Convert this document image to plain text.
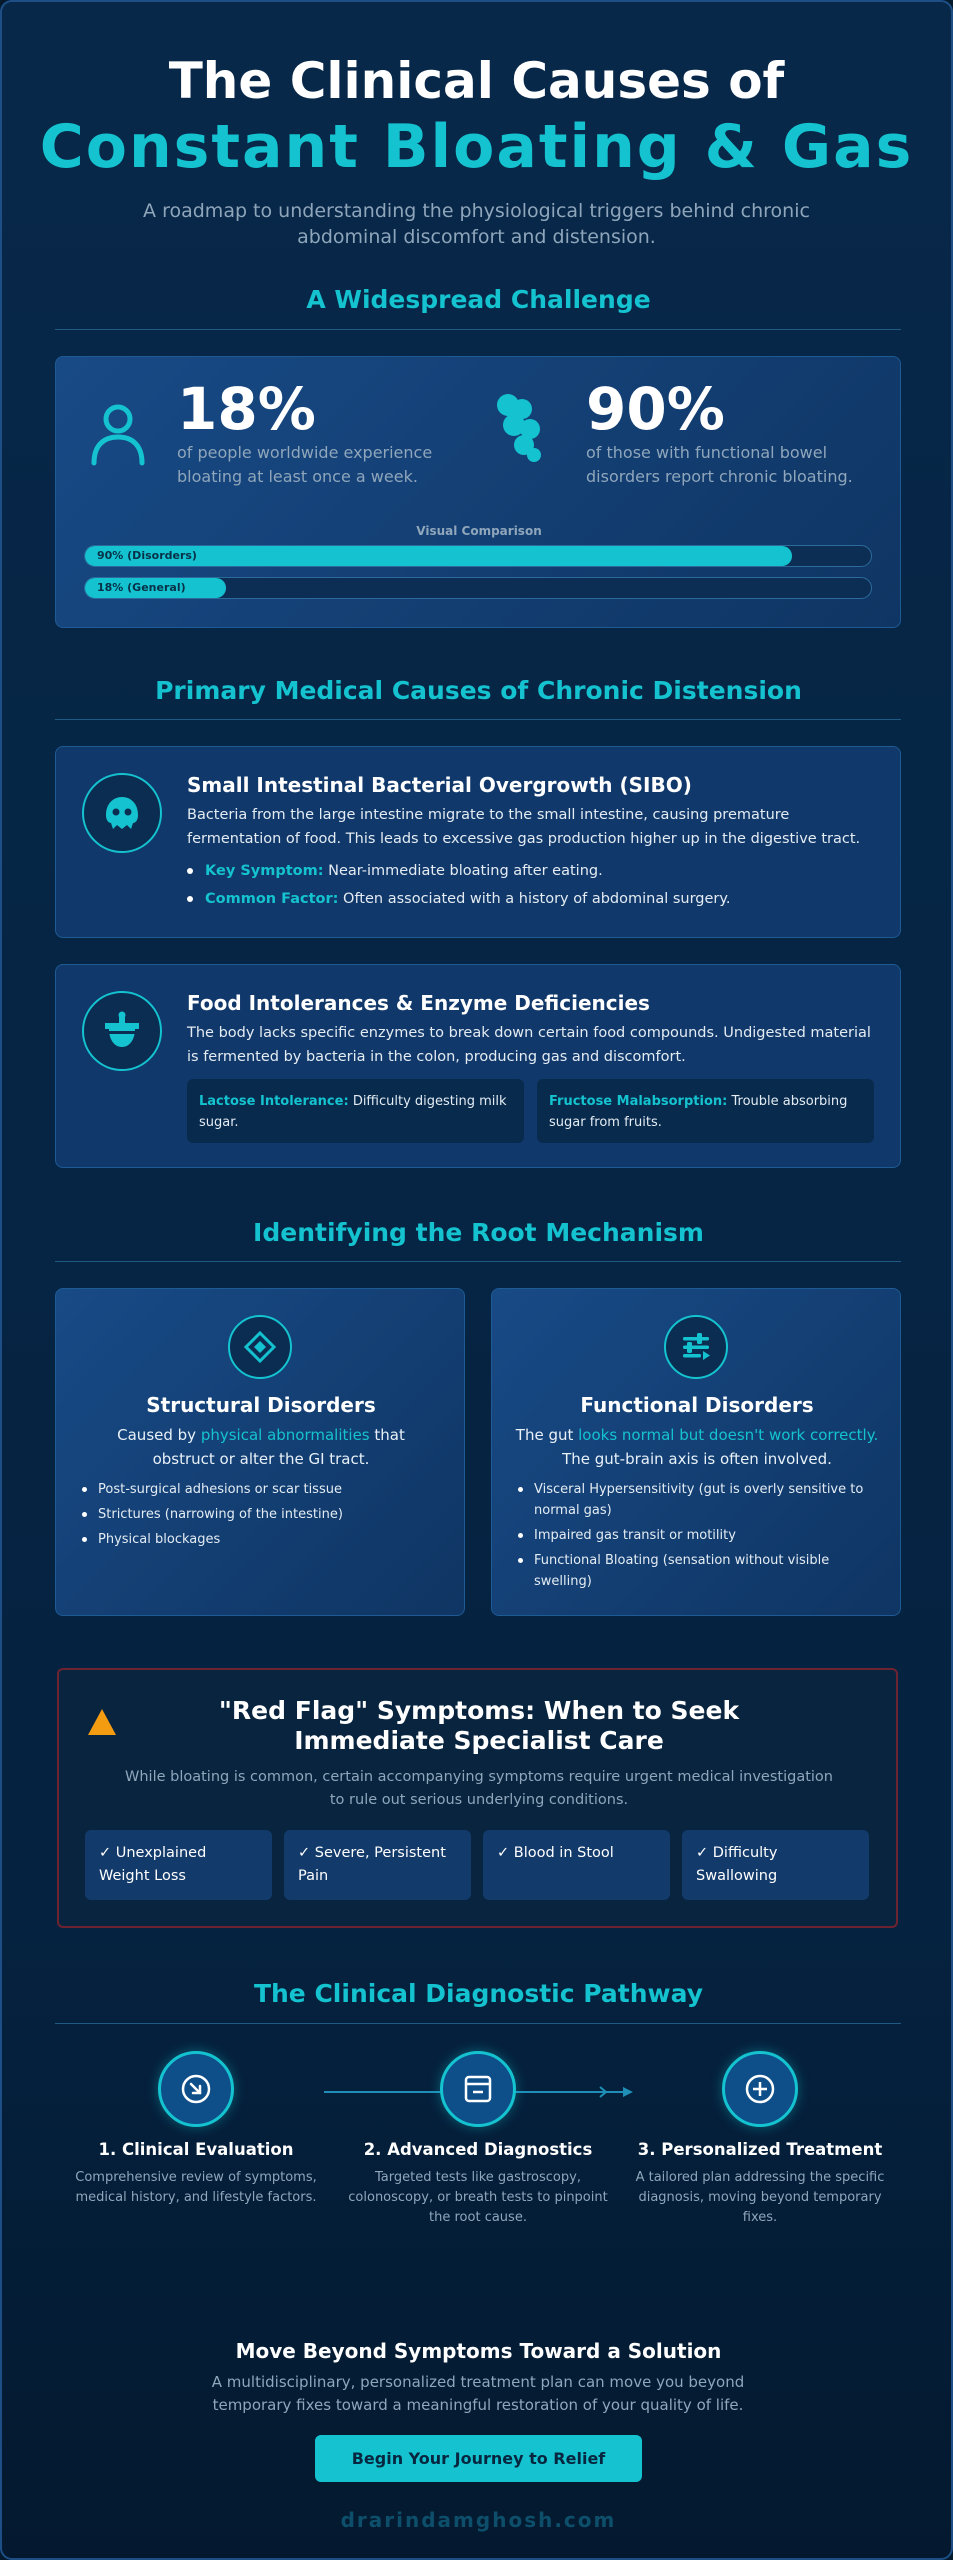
The Clinical Causes of
Constant Bloating & Gas
A roadmap to understanding the physiological triggers behind chronic abdominal discomfort and distension.
A Widespread Challenge
18%
of people worldwide experience bloating at least once a week.
90%
of those with functional bowel disorders report chronic bloating.
Visual Comparison
90% (Disorders)
18% (General)
Primary Medical Causes of Chronic Distension
Small Intestinal Bacterial Overgrowth (SIBO)
Bacteria from the large intestine migrate to the small intestine, causing premature fermentation of food. This leads to excessive gas production higher up in the digestive tract.
Key Symptom: Near-immediate bloating after eating.
Common Factor: Often associated with a history of abdominal surgery.
Food Intolerances & Enzyme Deficiencies
The body lacks specific enzymes to break down certain food compounds. Undigested material is fermented by bacteria in the colon, producing gas and discomfort.
Lactose Intolerance: Difficulty digesting milk sugar.
Fructose Malabsorption: Trouble absorbing sugar from fruits.
Identifying the Root Mechanism
Structural Disorders
Caused by physical abnormalities that obstruct or alter the GI tract.
Post-surgical adhesions or scar tissue
Strictures (narrowing of the intestine)
Physical blockages
Functional Disorders
The gut looks normal but doesn't work correctly. The gut-brain axis is often involved.
Visceral Hypersensitivity (gut is overly sensitive to normal gas)
Impaired gas transit or motility
Functional Bloating (sensation without visible swelling)
"Red Flag" Symptoms: When to Seek Immediate Specialist Care
While bloating is common, certain accompanying symptoms require urgent medical investigation to rule out serious underlying conditions.
✓ Unexplained Weight Loss
✓ Severe, Persistent Pain
✓ Blood in Stool	✓ Difficulty Swallowing
The Clinical Diagnostic Pathway
1. Clinical Evaluation
Comprehensive review of symptoms, medical history, and lifestyle factors.
2. Advanced Diagnostics
Targeted tests like gastroscopy, colonoscopy, or breath tests to pinpoint the root cause.
3. Personalized Treatment
A tailored plan addressing the specific diagnosis, moving beyond temporary fixes.
Move Beyond Symptoms Toward a Solution
A multidisciplinary, personalized treatment plan can move you beyond temporary fixes toward a meaningful restoration of your quality of life.
Begin Your Journey to Relief
drarindamghosh.com
